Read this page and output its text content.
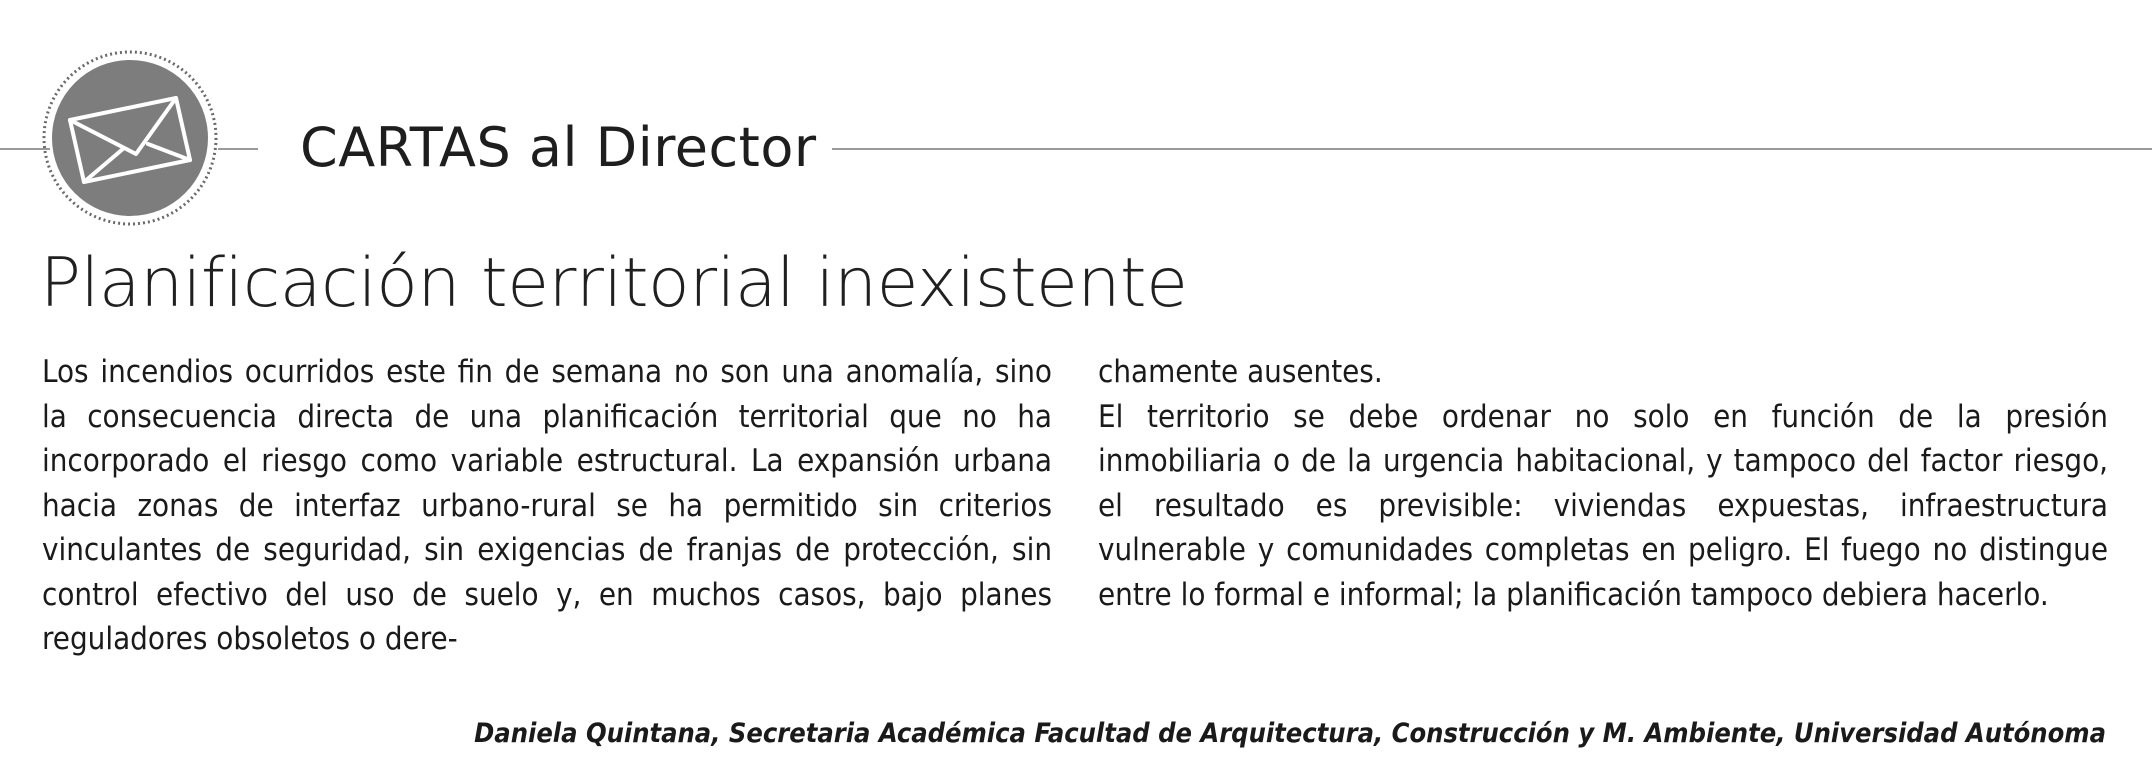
CARTAS al Director
Planificación territorial inexistente

Los incendios ocurridos este fin de semana no son una anomalía, sino la consecuencia directa de una planificación territorial que no ha incorporado el riesgo como variable estructural. La expansión urbana hacia zonas de interfaz urbano-rural se ha permitido sin criterios vinculantes de seguridad, sin exigencias de franjas de protección, sin control efectivo del uso de suelo y, en muchos casos, bajo planes reguladores obsoletos o dere-

chamente ausentes.

El territorio se debe ordenar no solo en función de la presión inmobiliaria o de la urgencia habitacional, y tampoco del factor riesgo, el resultado es previsible: viviendas expuestas, infraestructura vulnerable y comunidades completas en peligro. El fuego no distingue entre lo formal e informal; la planificación tampoco debiera hacerlo.

Daniela Quintana, Secretaria Académica Facultad de Arquitectura, Construcción y M. Ambiente, Universidad Autónoma
